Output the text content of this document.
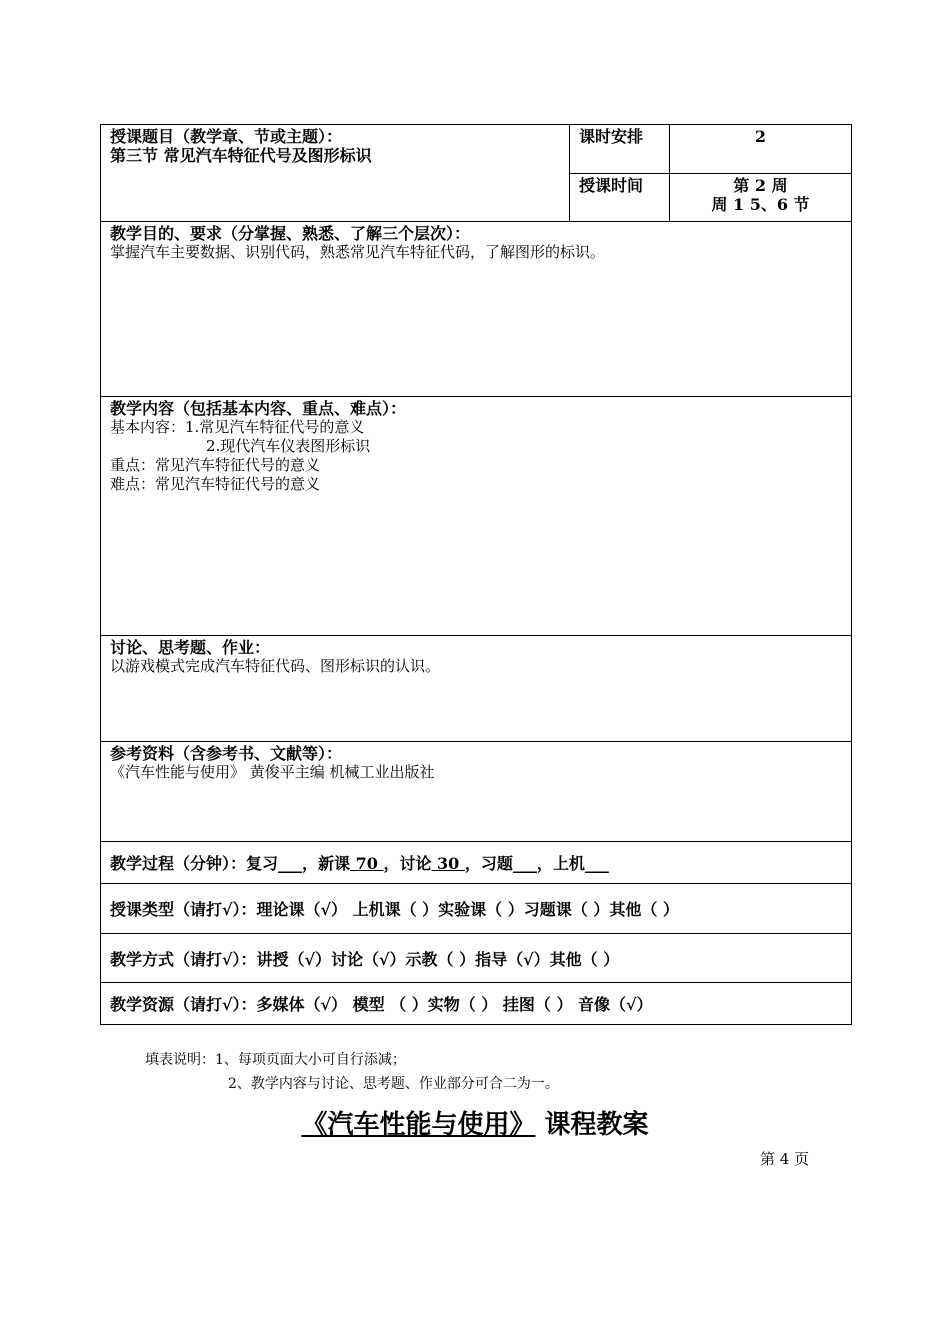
授课题目（教学章、节或主题）：
第三节 常见汽车特征代号及图形标识	课时安排	2

	授课时间	第 2 周
周 1 5、6 节

教学目的、要求（分掌握、熟悉、了解三个层次）：
掌握汽车主要数据、识别代码，熟悉常见汽车特征代码，了解图形的标识。		

教学内容（包括基本内容、重点、难点）：
基本内容：1.常见汽车特征代号的意义
2.现代汽车仪表图形标识
重点：常见汽车特征代号的意义
难点：常见汽车特征代号的意义		

讨论、思考题、作业：
以游戏模式完成汽车特征代码、图形标识的认识。		

参考资料（含参考书、文献等）：
《汽车性能与使用》 黄俊平主编 机械工业出版社		

教学过程（分钟）：复习___，新课 70 ，讨论 30 ，习题___，上机___		
授课类型（请打√）：理论课（√） 上机课（ ）实验课（ ）习题课（ ）其他（ ）		
教学方式（请打√）：讲授（√）讨论（√）示教（ ）指导（√）其他（ ）		
教学资源（请打√）：多媒体（√） 模型 （ ）实物（ ） 挂图（ ） 音像（√）		
填表说明：1、每项页面大小可自行添减；
2、教学内容与讨论、思考题、作业部分可合二为一。
《汽车性能与使用》 课程教案
第 4 页
